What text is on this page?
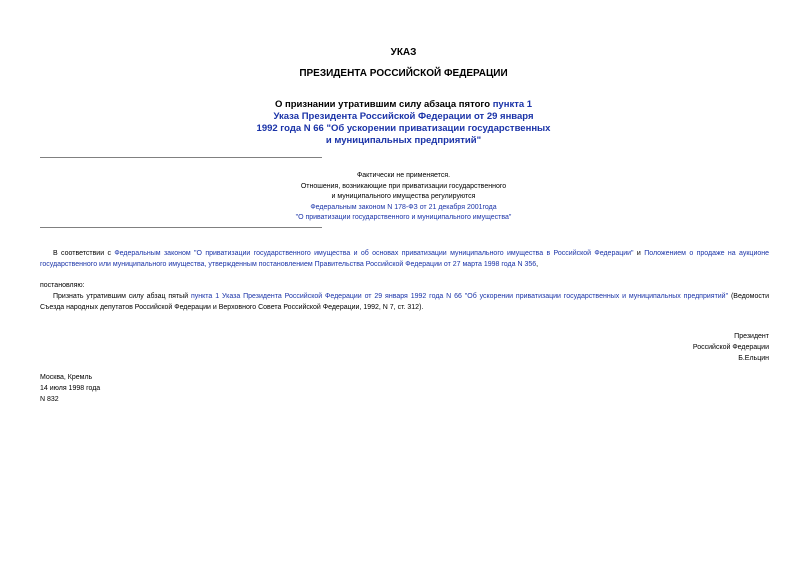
УКАЗ
ПРЕЗИДЕНТА РОССИЙСКОЙ ФЕДЕРАЦИИ
О признании утратившим силу абзаца пятого пункта 1
Указа Президента Российской Федерации от 29 января
1992 года N 66 "Об ускорении приватизации государственных
и муниципальных предприятий"
Фактически не применяется.
Отношения, возникающие при приватизации государственного
и муниципального имущества регулируются
Федеральным законом N 178-ФЗ от 21 декабря 2001года
"О приватизации государственного и муниципального имущества"
В соответствии с Федеральным законом "О приватизации государственного имущества и об основах приватизации муниципального имущества в Российской Федерации" и Положением о продаже на аукционе государственного или муниципального имущества, утвержденным постановлением Правительства Российской Федерации от 27 марта 1998 года N 356,
постановляю:
Признать утратившим силу абзац пятый пункта 1 Указа Президента Российской Федерации от 29 января 1992 года N 66 "Об ускорении приватизации государственных и муниципальных предприятий" (Ведомости Съезда народных депутатов Российской Федерации и Верховного Совета Российской Федерации, 1992, N 7, ст. 312).
Президент
Российской Федерации
Б.Ельцин
Москва, Кремль
14 июля 1998 года
N 832
